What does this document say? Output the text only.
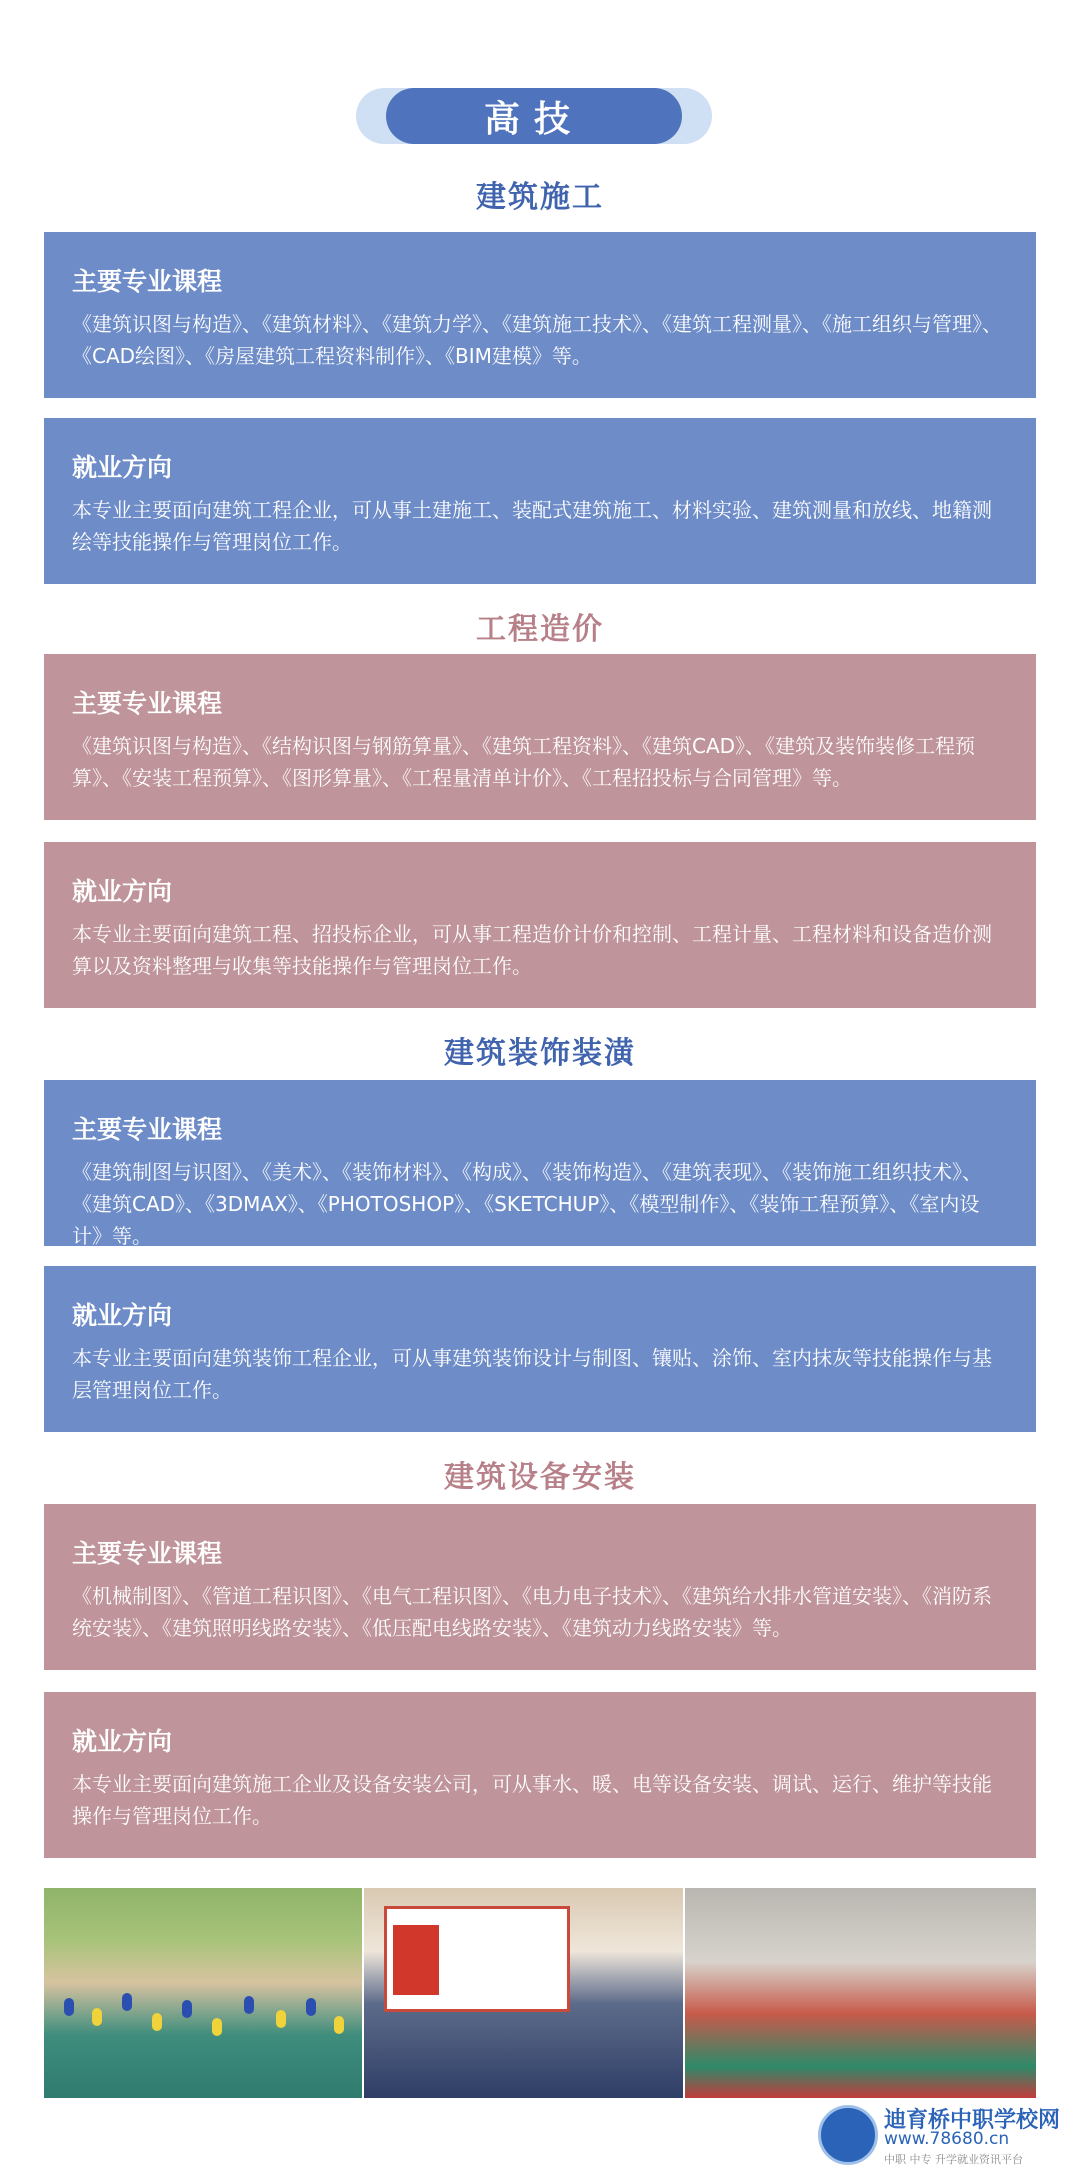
高技
建筑施工
主要专业课程

《建筑识图与构造》、《建筑材料》、《建筑力学》、《建筑施工技术》、《建筑工程测量》、《施工组织与管理》、《CAD绘图》、《房屋建筑工程资料制作》、《BIM建模》等。

就业方向

本专业主要面向建筑工程企业，可从事土建施工、装配式建筑施工、材料实验、建筑测量和放线、地籍测绘等技能操作与管理岗位工作。

工程造价
主要专业课程

《建筑识图与构造》、《结构识图与钢筋算量》、《建筑工程资料》、《建筑CAD》、《建筑及装饰装修工程预算》、《安装工程预算》、《图形算量》、《工程量清单计价》、《工程招投标与合同管理》等。

就业方向

本专业主要面向建筑工程、招投标企业，可从事工程造价计价和控制、工程计量、工程材料和设备造价测算以及资料整理与收集等技能操作与管理岗位工作。

建筑装饰装潢
主要专业课程

《建筑制图与识图》、《美术》、《装饰材料》、《构成》、《装饰构造》、《建筑表现》、《装饰施工组织技术》、《建筑CAD》、《3DMAX》、《PHOTOSHOP》、《SKETCHUP》、《模型制作》、《装饰工程预算》、《室内设计》等。

就业方向

本专业主要面向建筑装饰工程企业，可从事建筑装饰设计与制图、镶贴、涂饰、室内抹灰等技能操作与基层管理岗位工作。

建筑设备安装
主要专业课程

《机械制图》、《管道工程识图》、《电气工程识图》、《电力电子技术》、《建筑给水排水管道安装》、《消防系统安装》、《建筑照明线路安装》、《低压配电线路安装》、《建筑动力线路安装》等。

就业方向

本专业主要面向建筑施工企业及设备安装公司，可从事水、暖、电等设备安装、调试、运行、维护等技能操作与管理岗位工作。

迪育桥中职学校网
www.78680.cn
中职 中专 升学就业资讯平台
